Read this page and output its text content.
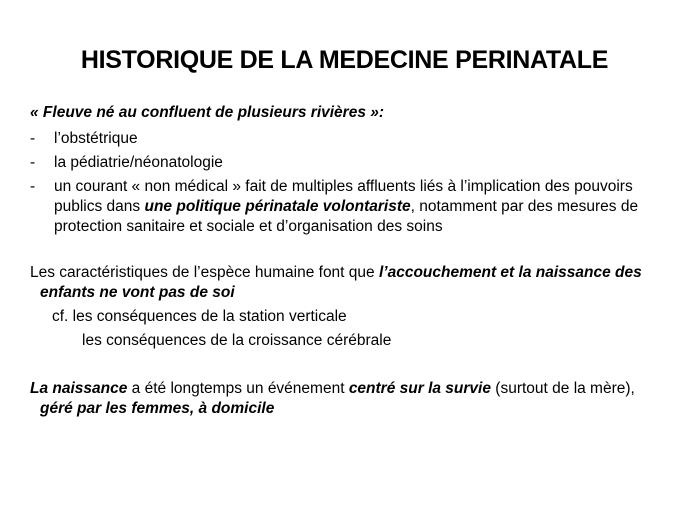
HISTORIQUE DE LA MEDECINE PERINATALE

« Fleuve né au confluent de plusieurs rivières »:

- l’obstétrique
- la pédiatrie/néonatologie
- un courant « non médical » fait de multiples affluents liés à l’implication des pouvoirs publics dans une politique périnatale volontariste, notamment par des mesures de protection sanitaire et sociale et d’organisation des soins

Les caractéristiques de l’espèce humaine font que l’accouchement et la naissance des enfants ne vont pas de soi

cf. les conséquences de la station verticale

les conséquences de la croissance cérébrale

La naissance a été longtemps un événement centré sur la survie (surtout de la mère), géré par les femmes, à domicile
